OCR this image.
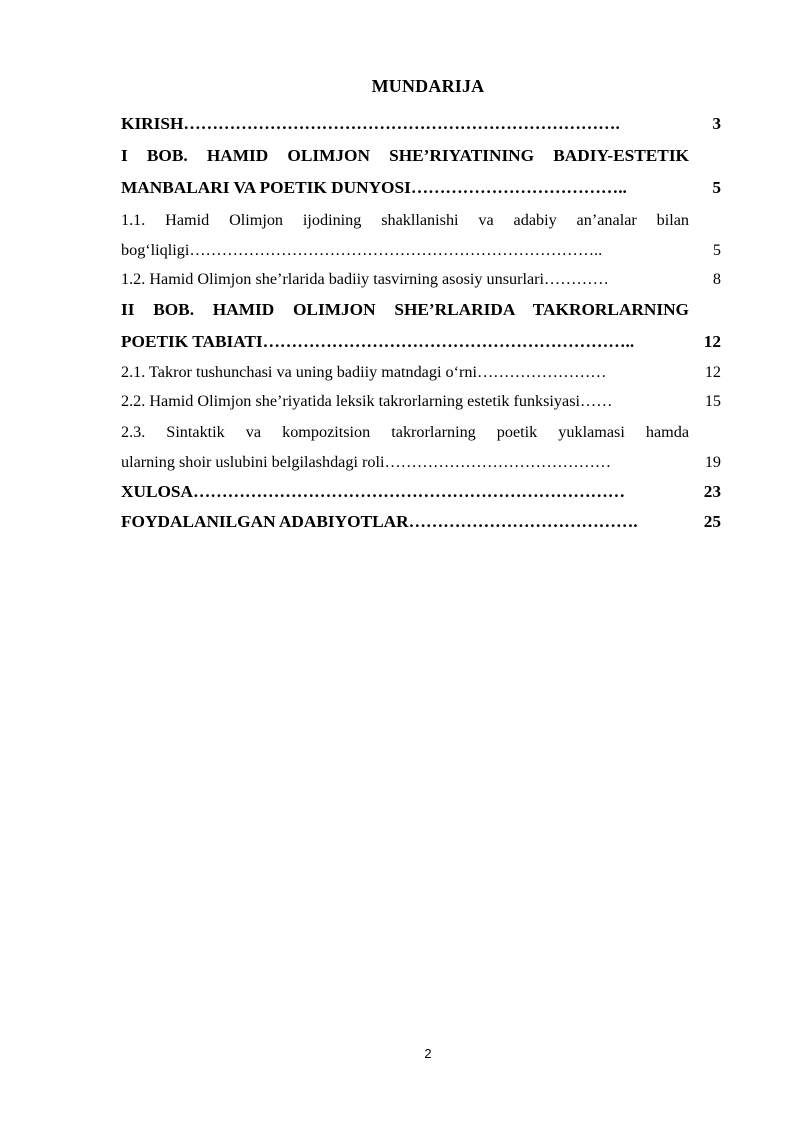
MUNDARIJA
KIRISH………………………………………………………………….	3
I BOB. HAMID OLIMJON SHE’RIYATINING BADIY-ESTETIK
MANBALARI VA POETIK DUNYOSI………………………………..	5
1.1. Hamid Olimjon ijodining shakllanishi va adabiy an’analar bilan
bog‘liqligi…………………………………………………………………..	5
1.2. Hamid Olimjon she’rlarida badiiy tasvirning asosiy unsurlari…………	8
II BOB. HAMID OLIMJON SHE’RLARIDA TAKRORLARNING
POETIK TABIATI………………………………………………………..	12
2.1. Takror tushunchasi va uning badiiy matndagi o‘rni……………………	12
2.2. Hamid Olimjon she’riyatida leksik takrorlarning estetik funksiyasi……	15
2.3. Sintaktik va kompozitsion takrorlarning poetik yuklamasi hamda
ularning shoir uslubini belgilashdagi roli……………………………………	19
XULOSA…………………………………………………………………	23
FOYDALANILGAN ADABIYOTLAR………………………………….	25
2
